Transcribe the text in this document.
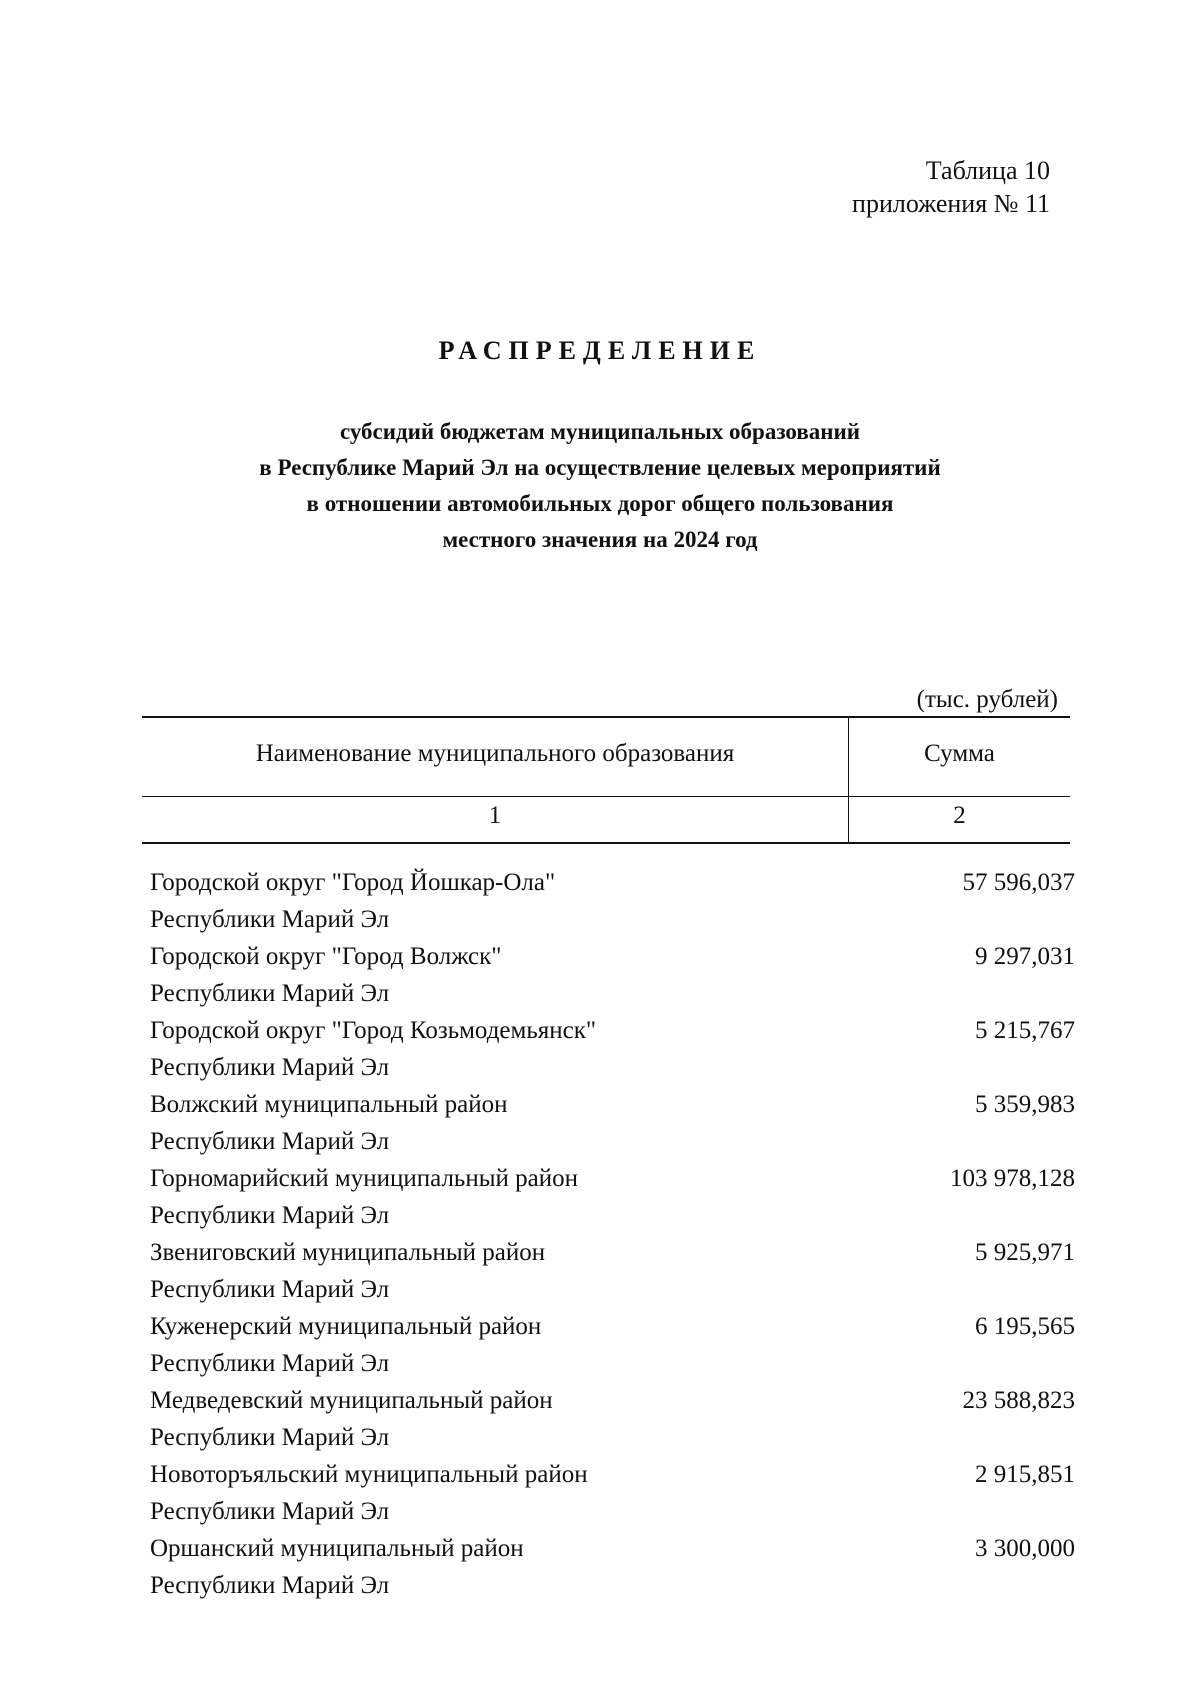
Таблица 10
приложения № 11
РАСПРЕДЕЛЕНИЕ
субсидий бюджетам муниципальных образований
в Республике Марий Эл на осуществление целевых мероприятий
в отношении автомобильных дорог общего пользования
местного значения на 2024 год
(тыс. рублей)
Наименование муниципального образования	Сумма
1	2
Городской округ "Город Йошкар-Ола"
Республики Марий Эл
57 596,037
Городской округ "Город Волжск"
Республики Марий Эл
9 297,031
Городской округ "Город Козьмодемьянск"
Республики Марий Эл
5 215,767
Волжский муниципальный район
Республики Марий Эл
5 359,983
Горномарийский муниципальный район
Республики Марий Эл
103 978,128
Звениговский муниципальный район
Республики Марий Эл
5 925,971
Куженерский муниципальный район
Республики Марий Эл
6 195,565
Медведевский муниципальный район
Республики Марий Эл
23 588,823
Новоторъяльский муниципальный район
Республики Марий Эл
2 915,851
Оршанский муниципальный район
Республики Марий Эл
3 300,000
